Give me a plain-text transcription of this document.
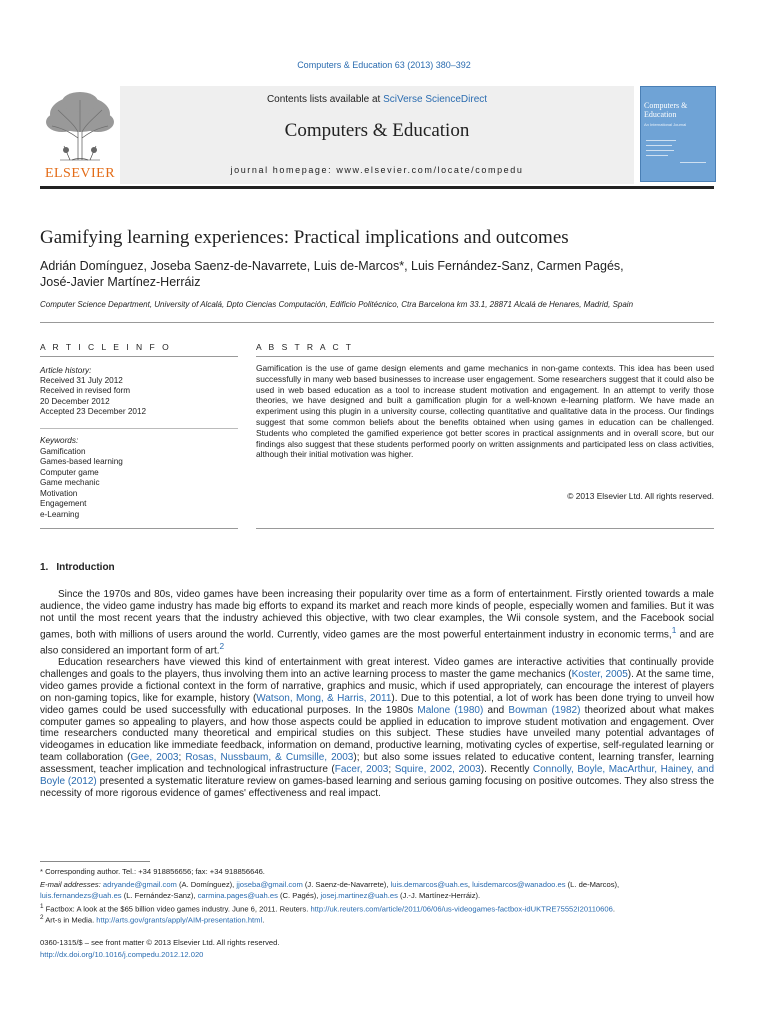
Computers & Education 63 (2013) 380–392
Contents lists available at SciVerse ScienceDirect
Computers & Education
journal homepage: www.elsevier.com/locate/compedu
ELSEVIER
Computers & Education
An International Journal
Gamifying learning experiences: Practical implications and outcomes
Adrián Domínguez, Joseba Saenz-de-Navarrete, Luis de-Marcos*, Luis Fernández-Sanz, Carmen Pagés,
José-Javier Martínez-Herráiz
Computer Science Department, University of Alcalá, Dpto Ciencias Computación, Edificio Politécnico, Ctra Barcelona km 33.1, 28871 Alcalá de Henares, Madrid, Spain
A R T I C L E I N F O
Article history:
Received 31 July 2012
Received in revised form
20 December 2012
Accepted 23 December 2012
Keywords:
Gamification
Games-based learning
Computer game
Game mechanic
Motivation
Engagement
e-Learning
A B S T R A C T
Gamification is the use of game design elements and game mechanics in non-game contexts. This idea has been used successfully in many web based businesses to increase user engagement. Some researchers suggest that it could also be used in web based education as a tool to increase student motivation and engagement. In an attempt to verify those theories, we have designed and built a gamification plugin for a well-known e-learning platform. We have made an experiment using this plugin in a university course, collecting quantitative and qualitative data in the process. Our findings suggest that some common beliefs about the benefits obtained when using games in education can be challenged. Students who completed the gamified experience got better scores in practical assignments and in overall score, but our findings also suggest that these students performed poorly on written assignments and participated less on class activities, although their initial motivation was higher.
© 2013 Elsevier Ltd. All rights reserved.
1. Introduction
Since the 1970s and 80s, video games have been increasing their popularity over time as a form of entertainment. Firstly oriented towards a male audience, the video game industry has made big efforts to expand its market and reach more kinds of people, especially women and families. But it was not until the most recent years that the industry achieved this objective, with two clear examples, the Wii console system, and the Facebook social games, both with millions of users around the world. Currently, video games are the most powerful entertainment industry in economic terms,$^1$ and are also considered an important form of art.$^2$
Education researchers have viewed this kind of entertainment with great interest. Video games are interactive activities that continually provide challenges and goals to the players, thus involving them into an active learning process to master the game mechanics (Koster, 2005). At the same time, video games provide a fictional context in the form of narrative, graphics and music, which if used appropriately, can encourage the interest of players on non-gaming topics, like for example, history (Watson, Mong, & Harris, 2011). Due to this potential, a lot of work has been done trying to unveil how video games could be used successfully with educational purposes. In the 1980s Malone (1980) and Bowman (1982) theorized about what makes computer games so appealing to players, and how those aspects could be applied in education to improve student motivation and engagement. Over time researchers conducted many theoretical and empirical studies on this subject. These studies have unveiled many potential advantages of videogames in education like immediate feedback, information on demand, productive learning, motivating cycles of expertise, self-regulated learning or team collaboration (Gee, 2003; Rosas, Nussbaum, & Cumsille, 2003); but also some issues related to educative content, learning transfer, learning assessment, teacher implication and technological infrastructure (Facer, 2003; Squire, 2002, 2003). Recently Connolly, Boyle, MacArthur, Hainey, and Boyle (2012) presented a systematic literature review on games-based learning and serious gaming focusing on positive outcomes. They also stress the necessity of more rigorous evidence of games' effectiveness and real impact.
* Corresponding author. Tel.: +34 918856656; fax: +34 918856646.
E-mail addresses: adryande@gmail.com (A. Domínguez), jjoseba@gmail.com (J. Saenz-de-Navarrete), luis.demarcos@uah.es, luisdemarcos@wanadoo.es (L. de-Marcos),
luis.fernandezs@uah.es (L. Fernández-Sanz), carmina.pages@uah.es (C. Pagés), josej.martinez@uah.es (J.-J. Martínez-Herráiz).
$^1$ Factbox: A look at the $65 billion video games industry. June 6, 2011. Reuters. http://uk.reuters.com/article/2011/06/06/us-videogames-factbox-idUKTRE75552I20110606.
$^2$ Art-s in Media. http://arts.gov/grants/apply/AIM-presentation.html.
0360-1315/$ – see front matter © 2013 Elsevier Ltd. All rights reserved.
http://dx.doi.org/10.1016/j.compedu.2012.12.020
